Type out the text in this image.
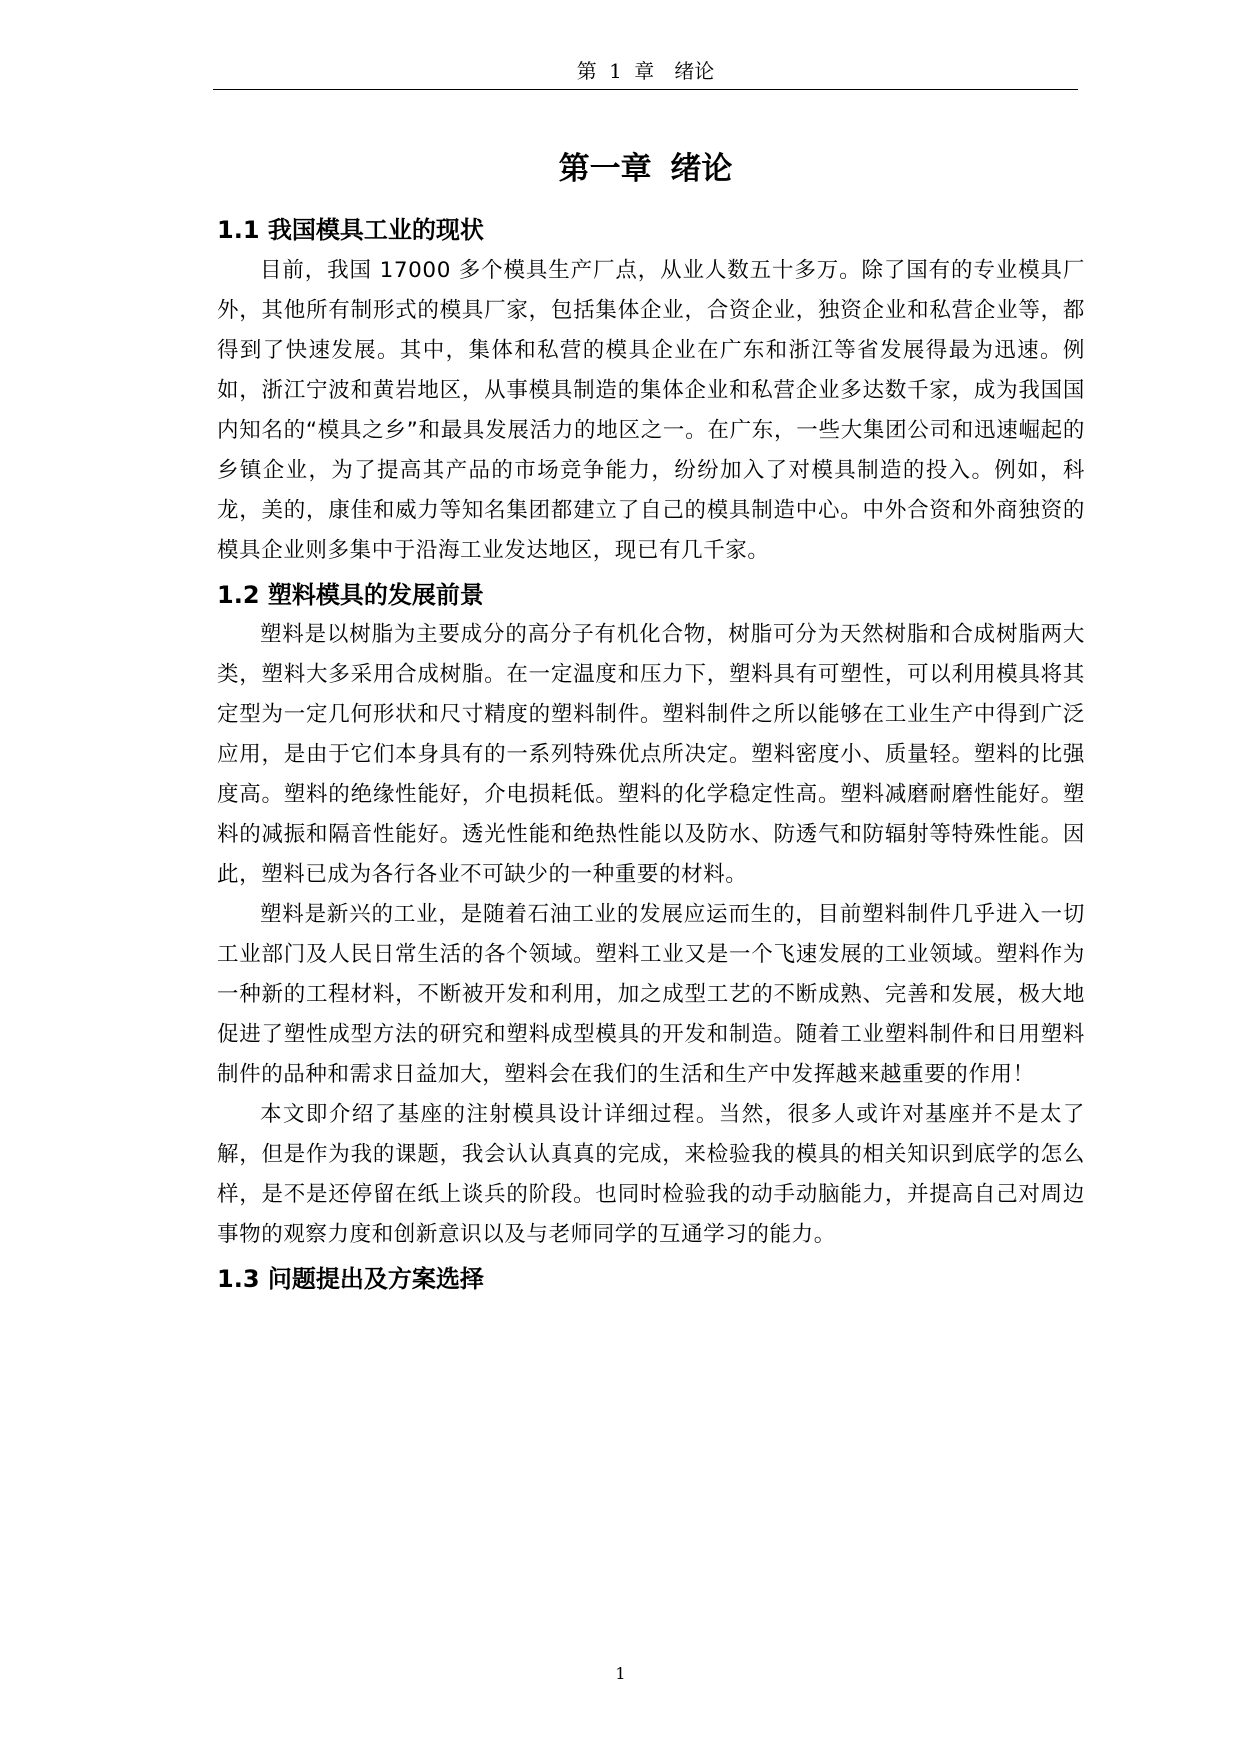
第 1 章　绪论
第一章 绪论
1.1 我国模具工业的现状

目前，我国 17000 多个模具生产厂点，从业人数五十多万。除了国有的专业模具厂外，其他所有制形式的模具厂家，包括集体企业，合资企业，独资企业和私营企业等，都得到了快速发展。其中，集体和私营的模具企业在广东和浙江等省发展得最为迅速。例如，浙江宁波和黄岩地区，从事模具制造的集体企业和私营企业多达数千家，成为我国国内知名的“模具之乡”和最具发展活力的地区之一。在广东，一些大集团公司和迅速崛起的乡镇企业，为了提高其产品的市场竞争能力，纷纷加入了对模具制造的投入。例如，科龙，美的，康佳和威力等知名集团都建立了自己的模具制造中心。中外合资和外商独资的模具企业则多集中于沿海工业发达地区，现已有几千家。

1.2 塑料模具的发展前景

塑料是以树脂为主要成分的高分子有机化合物，树脂可分为天然树脂和合成树脂两大类，塑料大多采用合成树脂。在一定温度和压力下，塑料具有可塑性，可以利用模具将其定型为一定几何形状和尺寸精度的塑料制件。塑料制件之所以能够在工业生产中得到广泛应用，是由于它们本身具有的一系列特殊优点所决定。塑料密度小、质量轻。塑料的比强度高。塑料的绝缘性能好，介电损耗低。塑料的化学稳定性高。塑料减磨耐磨性能好。塑料的减振和隔音性能好。透光性能和绝热性能以及防水、防透气和防辐射等特殊性能。因此，塑料已成为各行各业不可缺少的一种重要的材料。

塑料是新兴的工业，是随着石油工业的发展应运而生的，目前塑料制件几乎进入一切工业部门及人民日常生活的各个领域。塑料工业又是一个飞速发展的工业领域。塑料作为一种新的工程材料，不断被开发和利用，加之成型工艺的不断成熟、完善和发展，极大地促进了塑性成型方法的研究和塑料成型模具的开发和制造。随着工业塑料制件和日用塑料制件的品种和需求日益加大，塑料会在我们的生活和生产中发挥越来越重要的作用！

本文即介绍了基座的注射模具设计详细过程。当然，很多人或许对基座并不是太了解，但是作为我的课题，我会认认真真的完成，来检验我的模具的相关知识到底学的怎么样，是不是还停留在纸上谈兵的阶段。也同时检验我的动手动脑能力，并提高自己对周边事物的观察力度和创新意识以及与老师同学的互通学习的能力。

1.3 问题提出及方案选择
1
